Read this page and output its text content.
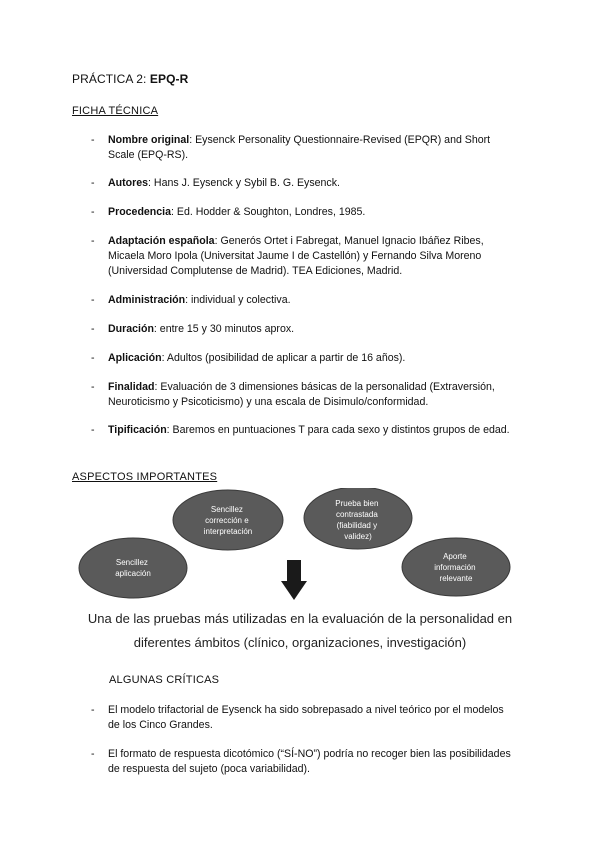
PRÁCTICA 2: EPQ-R
FICHA TÉCNICA
- Nombre original: Eysenck Personality Questionnaire-Revised (EPQR) and Short Scale (EPQ-RS).
- Autores: Hans J. Eysenck y Sybil B. G. Eysenck.
- Procedencia: Ed. Hodder & Soughton, Londres, 1985.
- Adaptación española: Generós Ortet i Fabregat, Manuel Ignacio Ibáñez Ribes, Micaela Moro Ipola (Universitat Jaume I de Castellón) y Fernando Silva Moreno (Universidad Complutense de Madrid). TEA Ediciones, Madrid.
- Administración: individual y colectiva.
- Duración: entre 15 y 30 minutos aprox.
- Aplicación: Adultos (posibilidad de aplicar a partir de 16 años).
- Finalidad: Evaluación de 3 dimensiones básicas de la personalidad (Extraversión, Neuroticismo y Psicoticismo) y una escala de Disimulo/conformidad.
- Tipificación: Baremos en puntuaciones T para cada sexo y distintos grupos de edad.
ASPECTOS IMPORTANTES
Sencillez aplicación
Sencillez corrección e interpretación
Prueba bien contrastada (fiabilidad y validez)
Aporte información relevante
Una de las pruebas más utilizadas en la evaluación de la personalidad en
diferentes ámbitos (clínico, organizaciones, investigación)
ALGUNAS CRÍTICAS
- El modelo trifactorial de Eysenck ha sido sobrepasado a nivel teórico por el modelos de los Cinco Grandes.
- El formato de respuesta dicotómico (“SÍ-NO”) podría no recoger bien las posibilidades de respuesta del sujeto (poca variabilidad).
